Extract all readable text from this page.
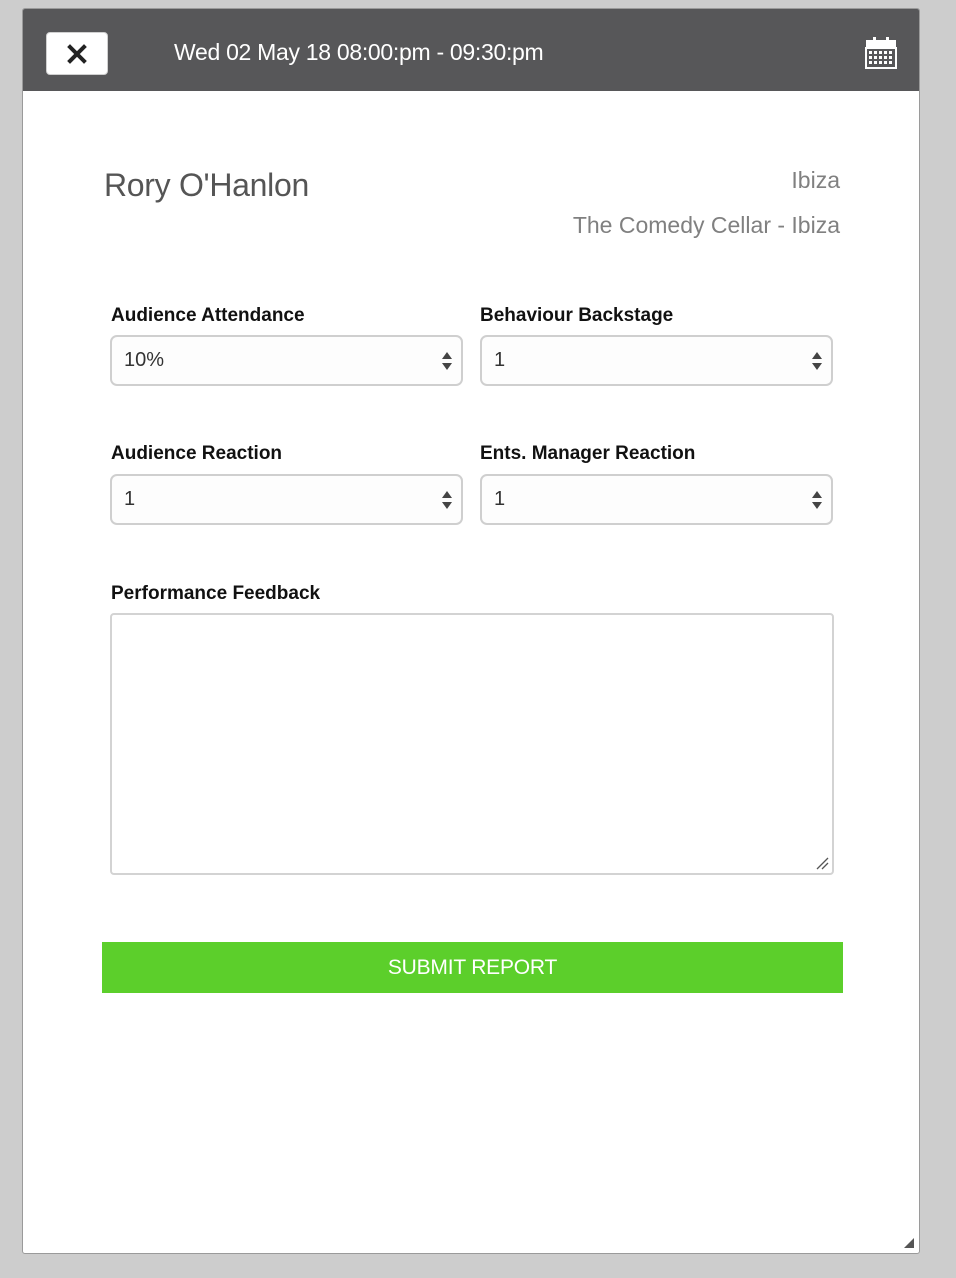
Wed 02 May 18 08:00:pm - 09:30:pm
Rory O'Hanlon	Ibiza
The Comedy Cellar - Ibiza
Audience Attendance
10%
Behaviour Backstage
1
Audience Reaction
1
Ents. Manager Reaction
1
Performance Feedback
SUBMIT REPORT
